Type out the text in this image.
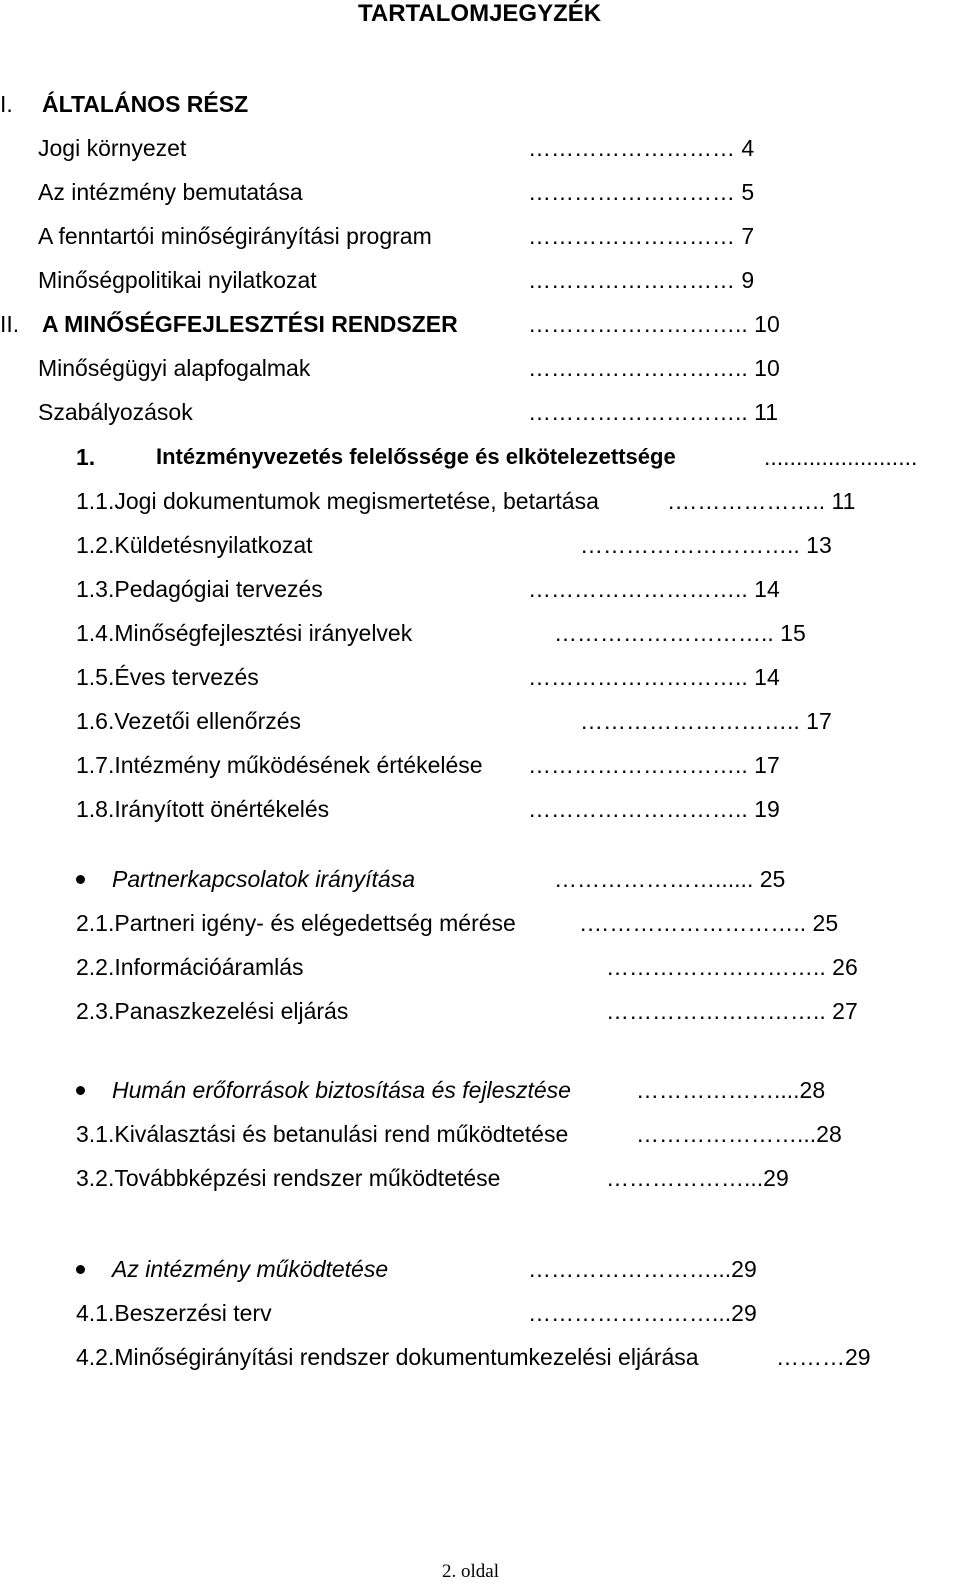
TARTALOMJEGYZÉK
I. ÁLTALÁNOS RÉSZ
Jogi környezet	……………………… 4
Az intézmény bemutatása	……………………… 5
A fenntartói minőségirányítási program	……………………… 7
Minőségpolitikai nyilatkozat	……………………… 9
II. A MINŐSÉGFEJLESZTÉSI RENDSZER	……………………….. 10
Minőségügyi alapfogalmak	……………………….. 10
Szabályozások	……………………….. 11
1.	Intézményvezetés felelőssége és elkötelezettsége	........................
1.1.Jogi dokumentumok megismertetése, betartása	.……………….. 11
1.2.Küldetésnyilatkozat	……………………….. 13
1.3.Pedagógiai tervezés	……………………….. 14
1.4.Minőségfejlesztési irányelvek	……………………….. 15
1.5.Éves tervezés	……………………….. 14
1.6.Vezetői ellenőrzés	……………………….. 17
1.7.Intézmény működésének értékelése ……………………….. 17
1.8.Irányított önértékelés	……………………….. 19
Partnerkapcsolatok irányítása	…………………...... 25
2.1.Partneri igény- és elégedettség mérése	.……………………….. 25
2.2.Információáramlás	……………………….. 26
2.3.Panaszkezelési eljárás	……………………….. 27
Humán erőforrások biztosítása és fejlesztése	………………....28
3.1.Kiválasztási és betanulási rend működtetése	…………………...28
3.2.Továbbképzési rendszer működtetése	………………...29
Az intézmény működtetése	……………………...29
4.1.Beszerzési terv	……………………...29
4.2.Minőségirányítási rendszer dokumentumkezelési eljárása	………29
2. oldal
